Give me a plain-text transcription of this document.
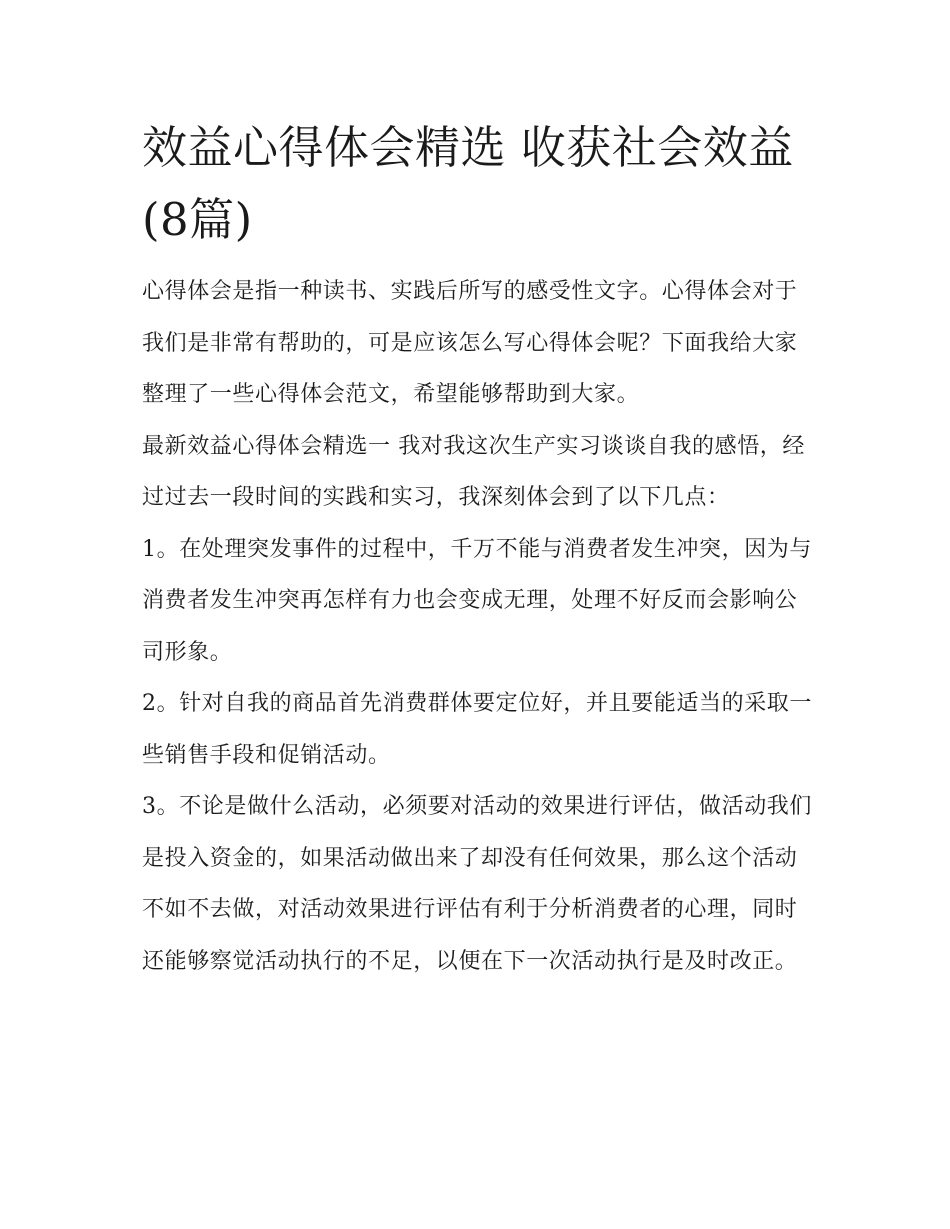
效益心得体会精选 收获社会效益(8篇)

心得体会是指一种读书、实践后所写的感受性文字。心得体会对于我们是非常有帮助的，可是应该怎么写心得体会呢？下面我给大家整理了一些心得体会范文，希望能够帮助到大家。

最新效益心得体会精选一 我对我这次生产实习谈谈自我的感悟，经过过去一段时间的实践和实习，我深刻体会到了以下几点：

1。在处理突发事件的过程中，千万不能与消费者发生冲突，因为与消费者发生冲突再怎样有力也会变成无理，处理不好反而会影响公司形象。

2。针对自我的商品首先消费群体要定位好，并且要能适当的采取一些销售手段和促销活动。

3。不论是做什么活动，必须要对活动的效果进行评估，做活动我们是投入资金的，如果活动做出来了却没有任何效果，那么这个活动不如不去做，对活动效果进行评估有利于分析消费者的心理，同时还能够察觉活动执行的不足，以便在下一次活动执行是及时改正。
